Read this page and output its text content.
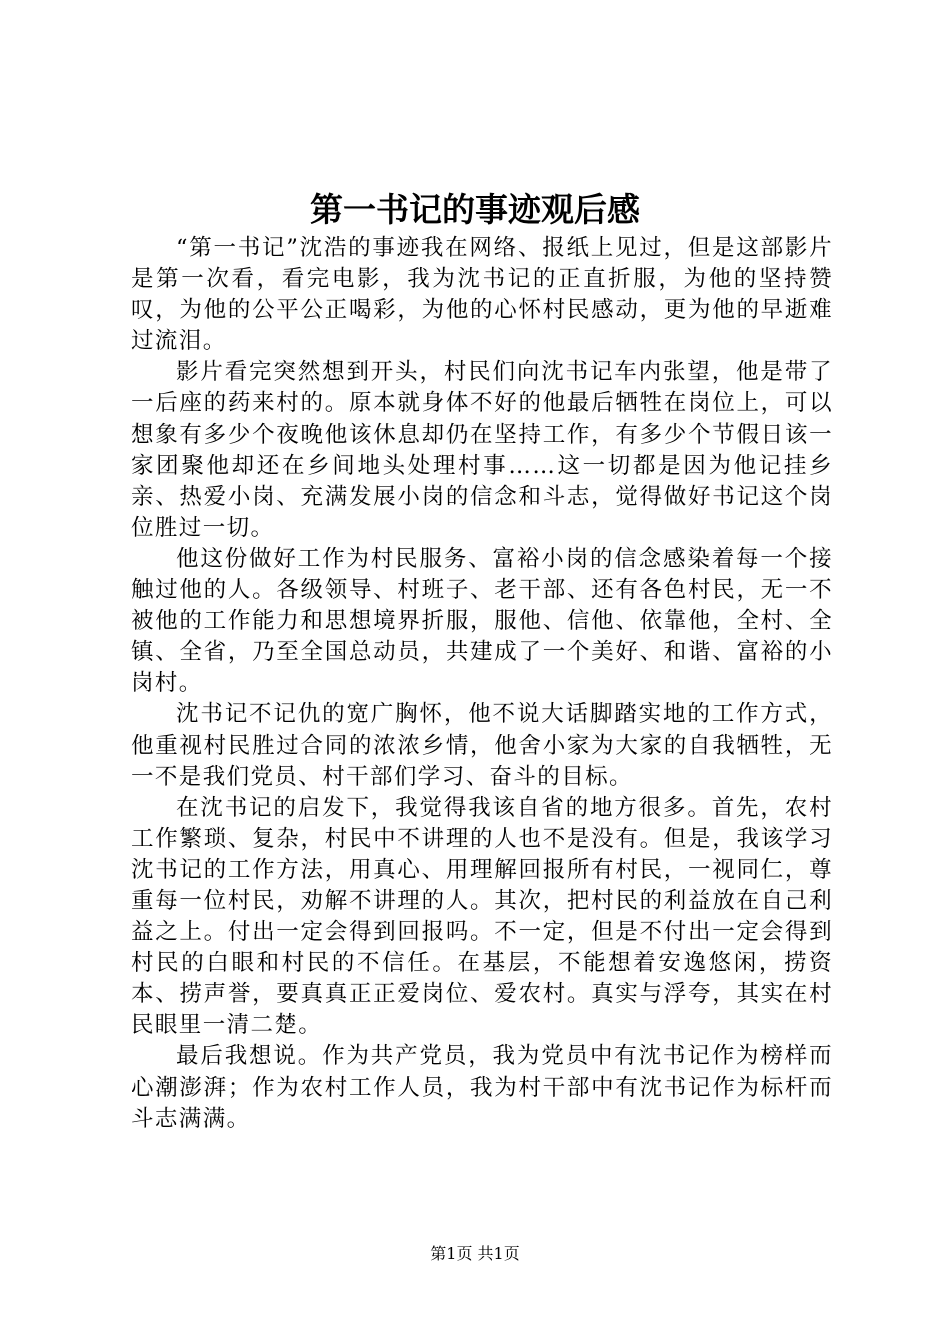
第一书记的事迹观后感

“第一书记”沈浩的事迹我在网络、报纸上见过，但是这部影片是第一次看，看完电影，我为沈书记的正直折服，为他的坚持赞叹，为他的公平公正喝彩，为他的心怀村民感动，更为他的早逝难过流泪。

影片看完突然想到开头，村民们向沈书记车内张望，他是带了一后座的药来村的。原本就身体不好的他最后牺牲在岗位上，可以想象有多少个夜晚他该休息却仍在坚持工作，有多少个节假日该一家团聚他却还在乡间地头处理村事……这一切都是因为他记挂乡亲、热爱小岗、充满发展小岗的信念和斗志，觉得做好书记这个岗位胜过一切。

他这份做好工作为村民服务、富裕小岗的信念感染着每一个接触过他的人。各级领导、村班子、老干部、还有各色村民，无一不被他的工作能力和思想境界折服，服他、信他、依靠他，全村、全镇、全省，乃至全国总动员，共建成了一个美好、和谐、富裕的小岗村。

沈书记不记仇的宽广胸怀，他不说大话脚踏实地的工作方式，他重视村民胜过合同的浓浓乡情，他舍小家为大家的自我牺牲，无一不是我们党员、村干部们学习、奋斗的目标。

在沈书记的启发下，我觉得我该自省的地方很多。首先，农村工作繁琐、复杂，村民中不讲理的人也不是没有。但是，我该学习沈书记的工作方法，用真心、用理解回报所有村民，一视同仁，尊重每一位村民，劝解不讲理的人。其次，把村民的利益放在自己利益之上。付出一定会得到回报吗。不一定，但是不付出一定会得到村民的白眼和村民的不信任。在基层，不能想着安逸悠闲，捞资本、捞声誉，要真真正正爱岗位、爱农村。真实与浮夸，其实在村民眼里一清二楚。

最后我想说。作为共产党员，我为党员中有沈书记作为榜样而心潮澎湃；作为农村工作人员，我为村干部中有沈书记作为标杆而斗志满满。

第1页 共1页
